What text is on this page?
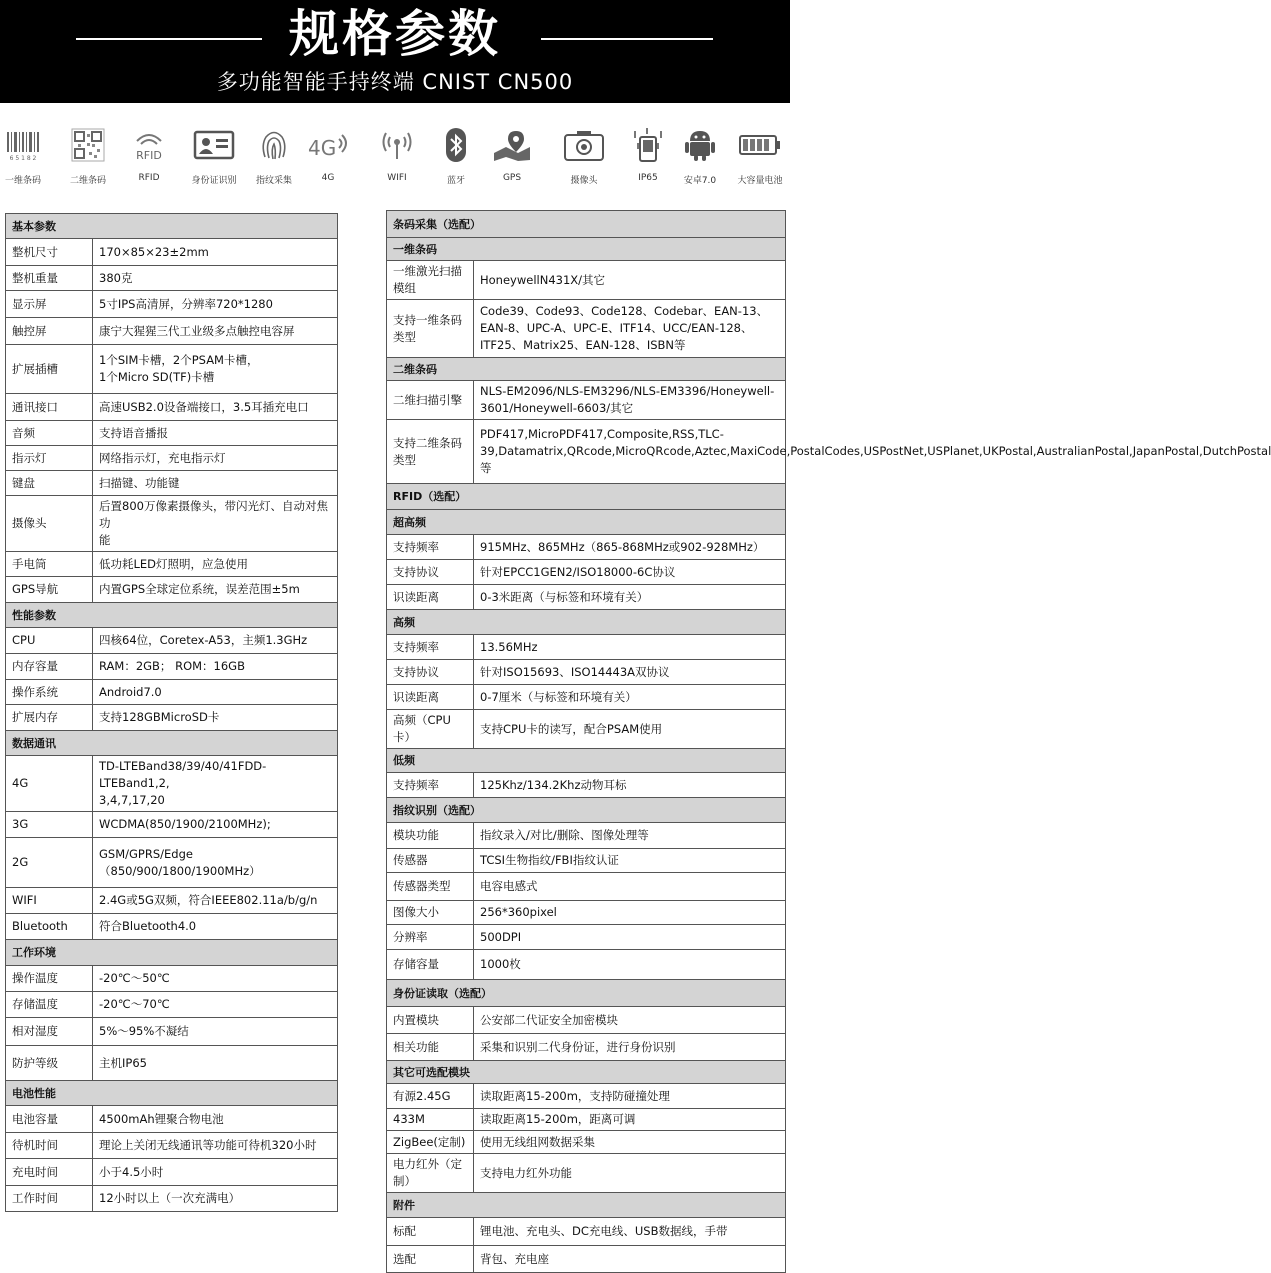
规格参数
多功能智能手持终端 CNIST CN500
6 5 1 8 2
一维条码	二维条码
RFID
RFID	身份证识别	指纹采集
4G
4G	WIFI	蓝牙	GPS	摄像头	IP65	安卓7.0	大容量电池
基本参数	
整机尺寸	170×85×23±2mm
整机重量	380克
显示屏	5寸IPS高清屏，分辨率720*1280
触控屏	康宁大猩猩三代工业级多点触控电容屏
扩展插槽	1个SIM卡槽，2个PSAM卡槽，
1个Micro SD(TF)卡槽
通讯接口	高速USB2.0设备端接口，3.5耳插充电口
音频	支持语音播报
指示灯	网络指示灯，充电指示灯
键盘	扫描键、功能键
摄像头	后置800万像素摄像头，带闪光灯、自动对焦功
能
手电筒	低功耗LED灯照明，应急使用
GPS导航	内置GPS全球定位系统，误差范围±5m
性能参数	
CPU	四核64位，Coretex-A53，主频1.3GHz
内存容量	RAM：2GB； ROM：16GB
操作系统	Android7.0
扩展内存	支持128GBMicroSD卡
数据通讯	
4G	TD-LTEBand38/39/40/41FDD-LTEBand1,2,
3,4,7,17,20
3G	WCDMA(850/1900/2100MHz);
2G	GSM/GPRS/Edge
（850/900/1800/1900MHz）
WIFI	2.4G或5G双频，符合IEEE802.11a/b/g/n
Bluetooth	符合Bluetooth4.0
工作环境	
操作温度	-20℃～50℃
存储温度	-20℃～70℃
相对湿度	5%～95%不凝结
防护等级	主机IP65
电池性能	
电池容量	4500mAh锂聚合物电池
待机时间	理论上关闭无线通讯等功能可待机320小时
充电时间	小于4.5小时
工作时间	12小时以上（一次充满电）
条码采集（选配）	
一维条码	
一维激光扫描模组	HoneywellN431X/其它
支持一维条码类型	Code39、Code93、Code128、Codebar、EAN-13、EAN-8、UPC-A、UPC-E、ITF14、UCC/EAN-128、ITF25、Matrix25、EAN-128、ISBN等
二维条码	
二维扫描引擎	NLS-EM2096/NLS-EM3296/NLS-EM3396/Honeywell-3601/Honeywell-6603/其它
支持二维条码类型	PDF417,MicroPDF417,Composite,RSS,TLC-39,Datamatrix,QRcode,MicroQRcode,Aztec,MaxiCode,PostalCodes,USPostNet,USPlanet,UKPostal,AustralianPostal,JapanPostal,DutchPostal等
RFID（选配）	
超高频	
支持频率	915MHz、865MHz（865-868MHz或902-928MHz）
支持协议	针对EPCC1GEN2/ISO18000-6C协议
识读距离	0-3米距离（与标签和环境有关）
高频	
支持频率	13.56MHz
支持协议	针对ISO15693、ISO14443A双协议
识读距离	0-7厘米（与标签和环境有关）
高频（CPU卡）	支持CPU卡的读写，配合PSAM使用
低频	
支持频率	125Khz/134.2Khz动物耳标
指纹识别（选配）	
模块功能	指纹录入/对比/删除、图像处理等
传感器	TCSI生物指纹/FBI指纹认证
传感器类型	电容电感式
图像大小	256*360pixel
分辨率	500DPI
存储容量	1000枚
身份证读取（选配）	
内置模块	公安部二代证安全加密模块
相关功能	采集和识别二代身份证，进行身份识别
其它可选配模块	
有源2.45G	读取距离15-200m，支持防碰撞处理
433M	读取距离15-200m，距离可调
ZigBee(定制)	使用无线组网数据采集
电力红外（定制）	支持电力红外功能
附件	
标配	锂电池、充电头、DC充电线、USB数据线，手带
选配	背包、充电座
